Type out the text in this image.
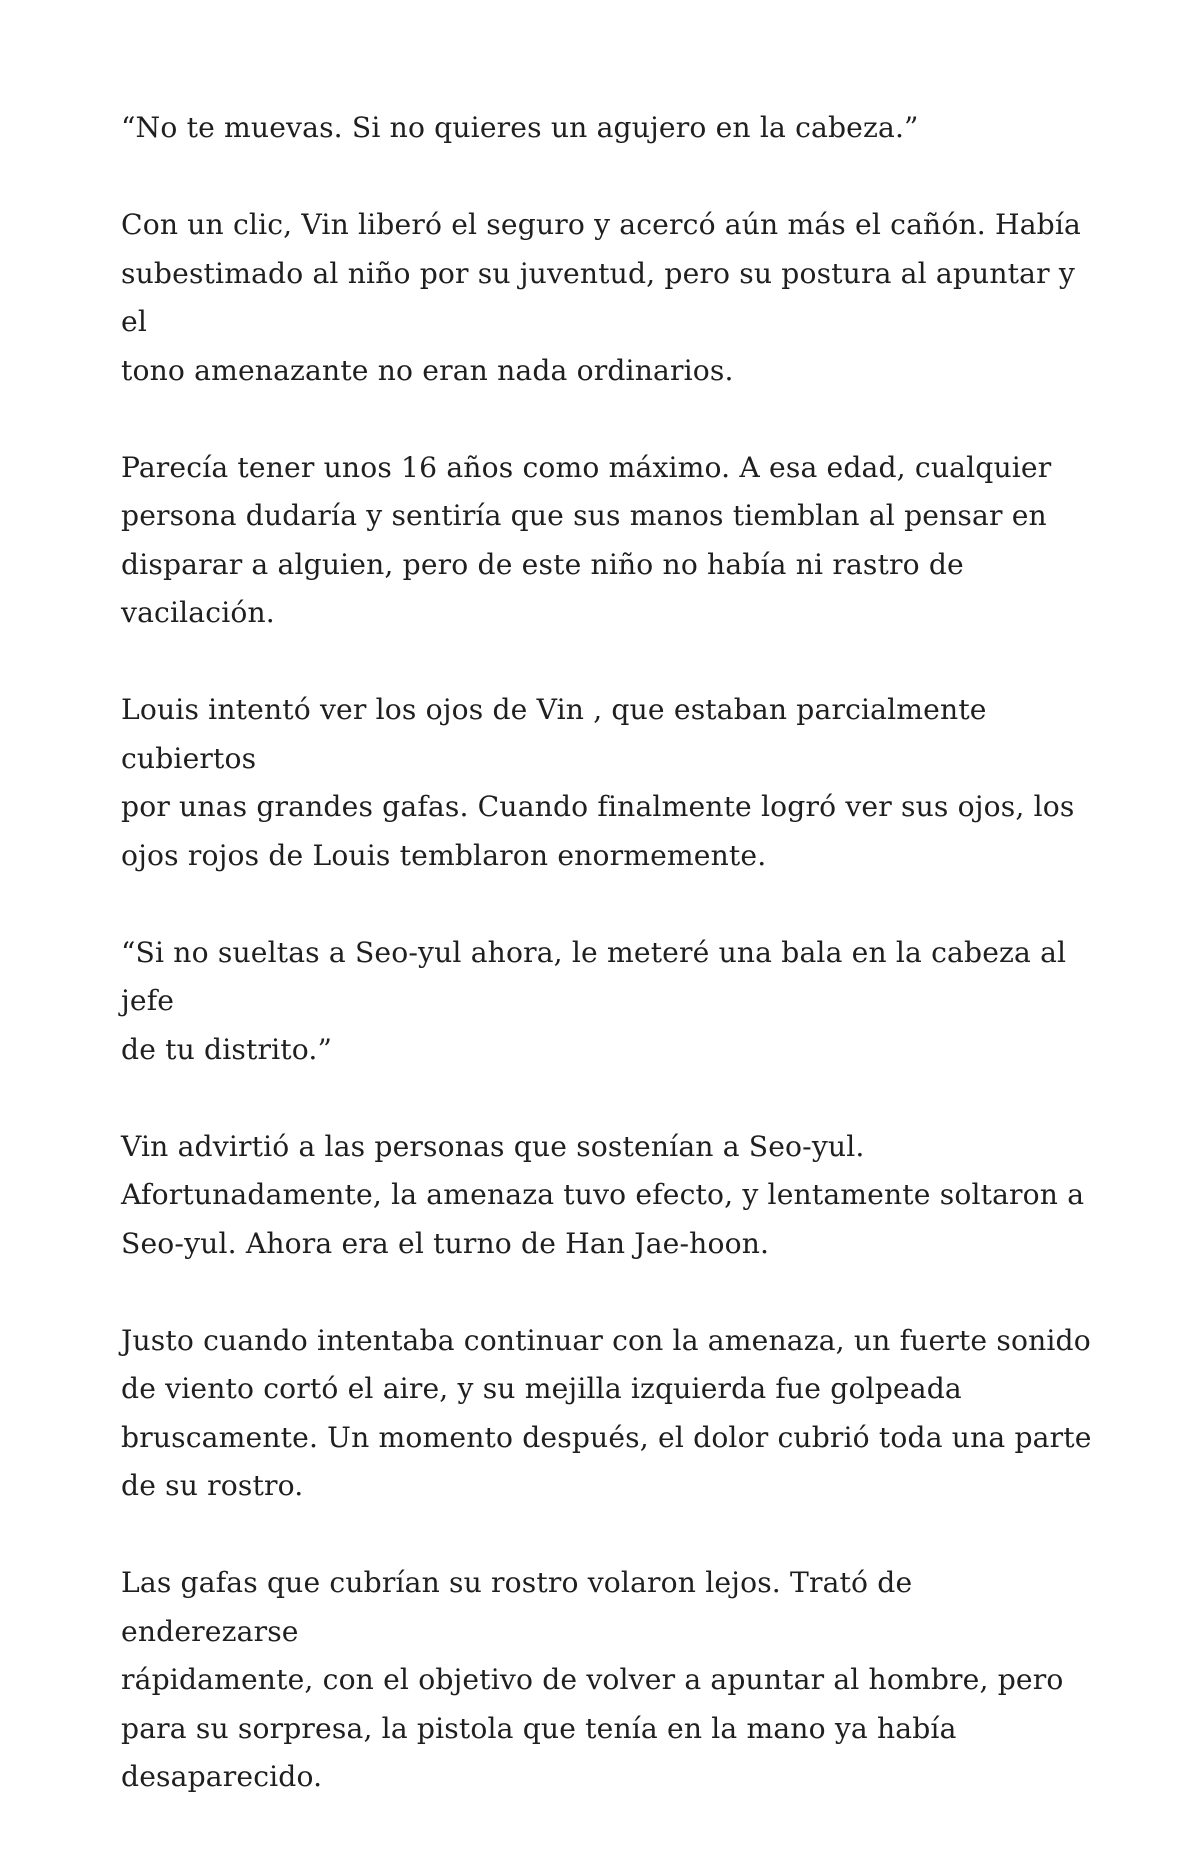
“No te muevas. Si no quieres un agujero en la cabeza.”

Con un clic, Vin liberó el seguro y acercó aún más el cañón. Había
subestimado al niño por su juventud, pero su postura al apuntar y el
tono amenazante no eran nada ordinarios.

Parecía tener unos 16 años como máximo. A esa edad, cualquier
persona dudaría y sentiría que sus manos tiemblan al pensar en
disparar a alguien, pero de este niño no había ni rastro de vacilación.

Louis intentó ver los ojos de Vin , que estaban parcialmente cubiertos
por unas grandes gafas. Cuando finalmente logró ver sus ojos, los
ojos rojos de Louis temblaron enormemente.

“Si no sueltas a Seo-yul ahora, le meteré una bala en la cabeza al jefe
de tu distrito.”

Vin advirtió a las personas que sostenían a Seo-yul.
Afortunadamente, la amenaza tuvo efecto, y lentamente soltaron a
Seo-yul. Ahora era el turno de Han Jae-hoon.

Justo cuando intentaba continuar con la amenaza, un fuerte sonido
de viento cortó el aire, y su mejilla izquierda fue golpeada
bruscamente. Un momento después, el dolor cubrió toda una parte
de su rostro.

Las gafas que cubrían su rostro volaron lejos. Trató de enderezarse
rápidamente, con el objetivo de volver a apuntar al hombre, pero
para su sorpresa, la pistola que tenía en la mano ya había
desaparecido.
